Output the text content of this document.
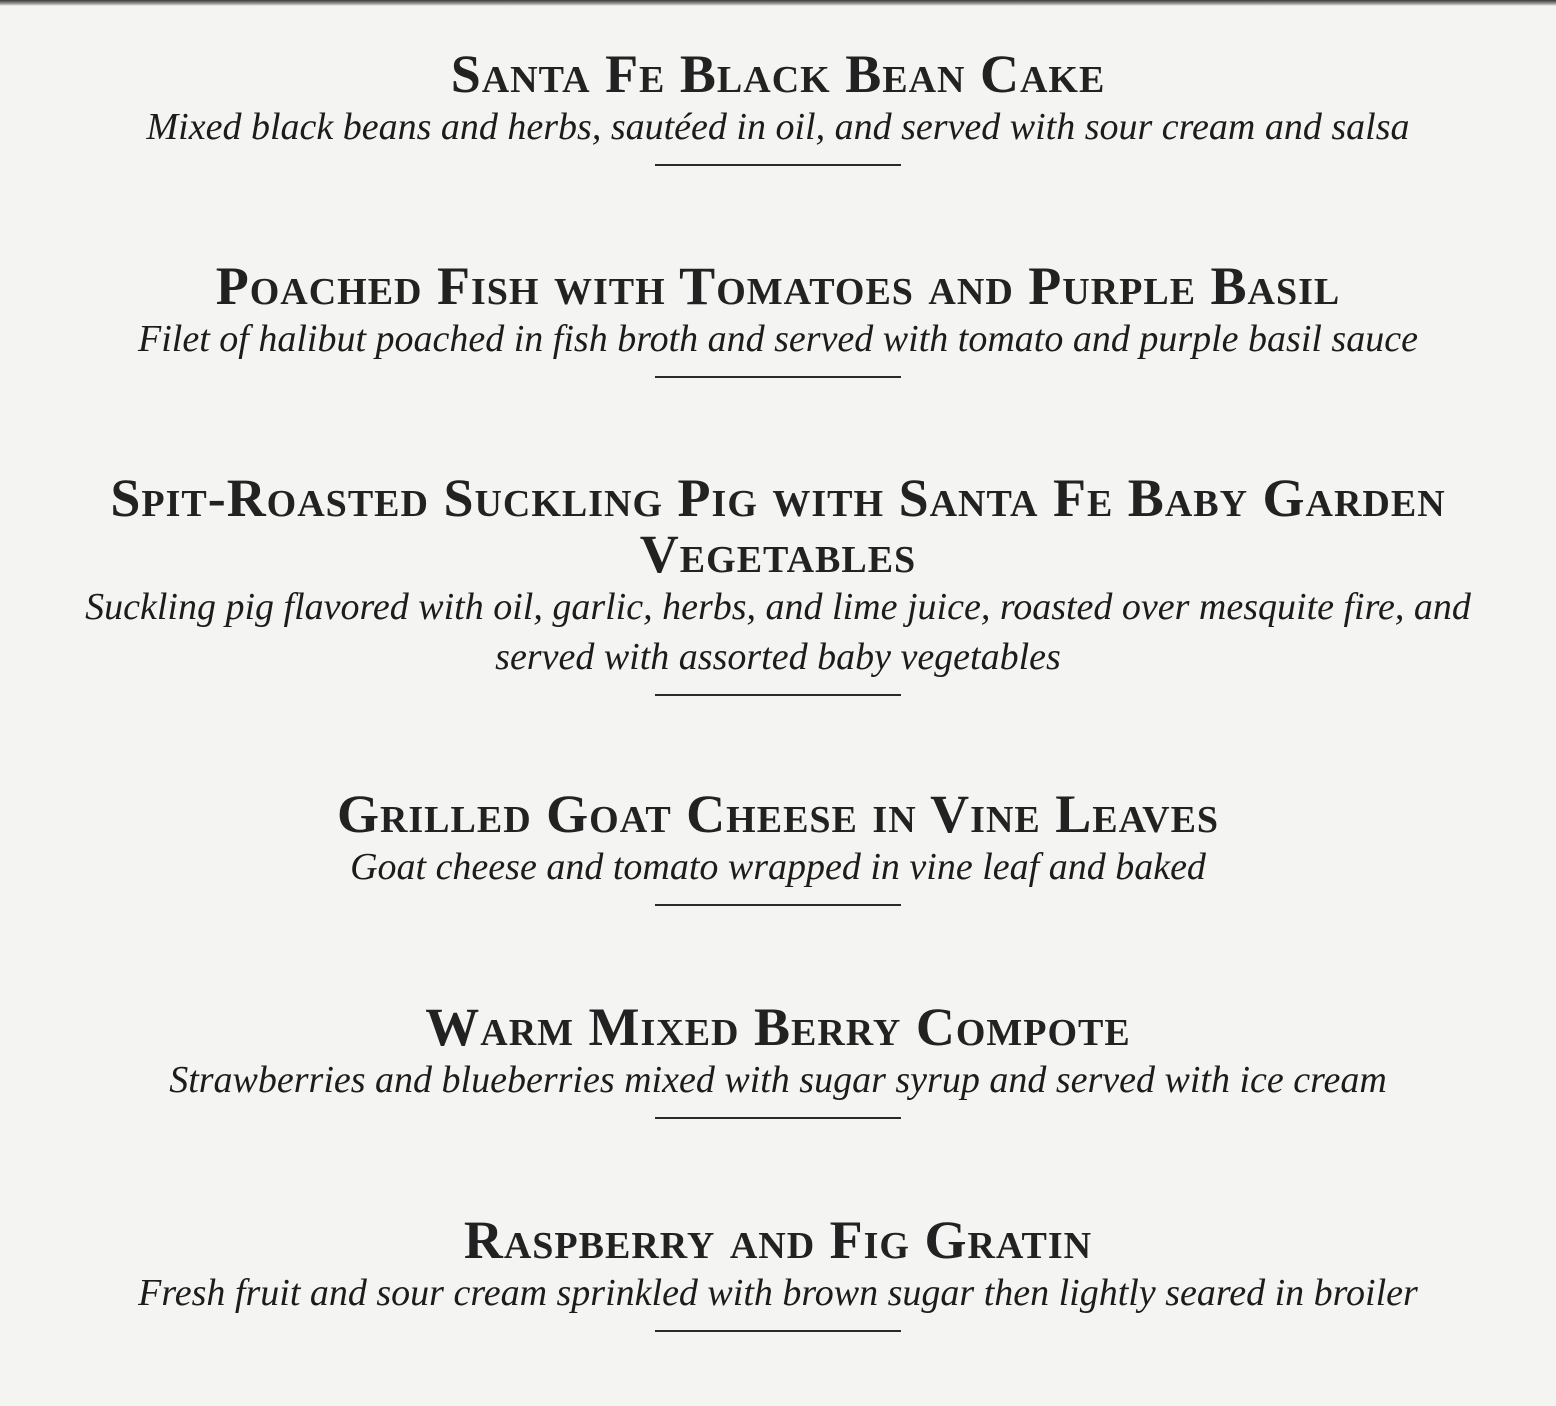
Santa Fe Black Bean Cake

Mixed black beans and herbs, sautéed in oil, and served with sour cream and salsa

Poached Fish with Tomatoes and Purple Basil

Filet of halibut poached in fish broth and served with tomato and purple basil sauce

Spit-Roasted Suckling Pig with Santa Fe Baby Garden Vegetables

Suckling pig flavored with oil, garlic, herbs, and lime juice, roasted over mesquite fire, and served with assorted baby vegetables

Grilled Goat Cheese in Vine Leaves

Goat cheese and tomato wrapped in vine leaf and baked

Warm Mixed Berry Compote

Strawberries and blueberries mixed with sugar syrup and served with ice cream

Raspberry and Fig Gratin

Fresh fruit and sour cream sprinkled with brown sugar then lightly seared in broiler
